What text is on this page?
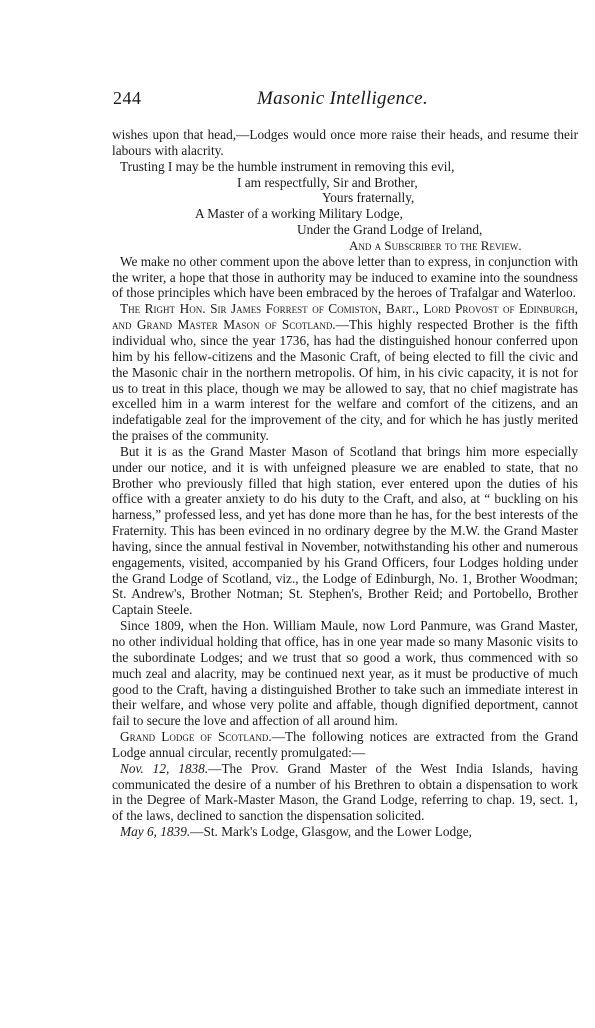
244	Masonic Intelligence.

wishes upon that head,—Lodges would once more raise their heads, and resume their labours with alacrity.

Trusting I may be the humble instrument in removing this evil,

I am respectfully, Sir and Brother,

Yours fraternally,

A Master of a working Military Lodge,

Under the Grand Lodge of Ireland,

And a Subscriber to the Review.

We make no other comment upon the above letter than to express, in conjunction with the writer, a hope that those in authority may be induced to examine into the soundness of those principles which have been embraced by the heroes of Trafalgar and Waterloo.

The Right Hon. Sir James Forrest of Comiston, Bart., Lord Provost of Edinburgh, and Grand Master Mason of Scotland.—This highly respected Brother is the fifth individual who, since the year 1736, has had the distinguished honour conferred upon him by his fellow-citizens and the Masonic Craft, of being elected to fill the civic and the Masonic chair in the northern metropolis. Of him, in his civic capacity, it is not for us to treat in this place, though we may be allowed to say, that no chief magistrate has excelled him in a warm interest for the welfare and comfort of the citizens, and an indefatigable zeal for the improvement of the city, and for which he has justly merited the praises of the community.

But it is as the Grand Master Mason of Scotland that brings him more especially under our notice, and it is with unfeigned pleasure we are enabled to state, that no Brother who previously filled that high station, ever entered upon the duties of his office with a greater anxiety to do his duty to the Craft, and also, at “ buckling on his harness,” professed less, and yet has done more than he has, for the best interests of the Fraternity. This has been evinced in no ordinary degree by the M.W. the Grand Master having, since the annual festival in November, notwithstanding his other and numerous engagements, visited, accompanied by his Grand Officers, four Lodges holding under the Grand Lodge of Scotland, viz., the Lodge of Edinburgh, No. 1, Brother Woodman; St. Andrew's, Brother Notman; St. Stephen's, Brother Reid; and Portobello, Brother Captain Steele.

Since 1809, when the Hon. William Maule, now Lord Panmure, was Grand Master, no other individual holding that office, has in one year made so many Masonic visits to the subordinate Lodges; and we trust that so good a work, thus commenced with so much zeal and alacrity, may be continued next year, as it must be productive of much good to the Craft, having a distinguished Brother to take such an immediate interest in their welfare, and whose very polite and affable, though dignified deportment, cannot fail to secure the love and affection of all around him.

Grand Lodge of Scotland.—The following notices are extracted from the Grand Lodge annual circular, recently promulgated:—

Nov. 12, 1838.—The Prov. Grand Master of the West India Islands, having communicated the desire of a number of his Brethren to obtain a dispensation to work in the Degree of Mark-Master Mason, the Grand Lodge, referring to chap. 19, sect. 1, of the laws, declined to sanction the dispensation solicited.

May 6, 1839.—St. Mark's Lodge, Glasgow, and the Lower Lodge,
